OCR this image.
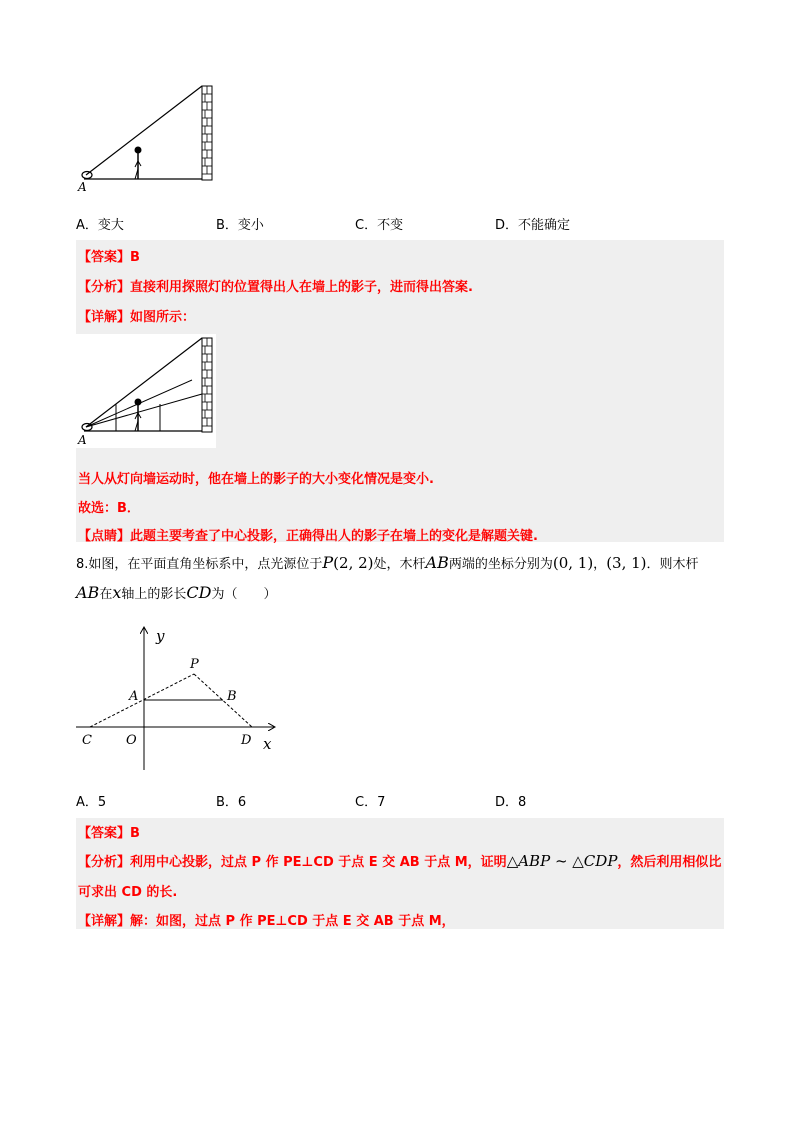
A
A．变大	B．变小	C．不变	D．不能确定
【答案】B
【分析】直接利用探照灯的位置得出人在墙上的影子，进而得出答案.
【详解】如图所示：
A
当人从灯向墙运动时，他在墙上的影子的大小变化情况是变小.
故选：B．
【点睛】此题主要考查了中心投影，正确得出人的影子在墙上的变化是解题关键.
8.如图，在平面直角坐标系中，点光源位于P(2, 2)处，木杆AB两端的坐标分别为(0, 1)，(3, 1)．则木杆
AB在x轴上的影长CD为（　　）
y
x
P
A	B
C	O	D
A．5	B．6	C．7	D．8
【答案】B
【分析】利用中心投影，过点 P 作 PE⊥CD 于点 E 交 AB 于点 M，证明△ABP ~ △CDP，然后利用相似比
可求出 CD 的长.
【详解】解：如图，过点 P 作 PE⊥CD 于点 E 交 AB 于点 M，
